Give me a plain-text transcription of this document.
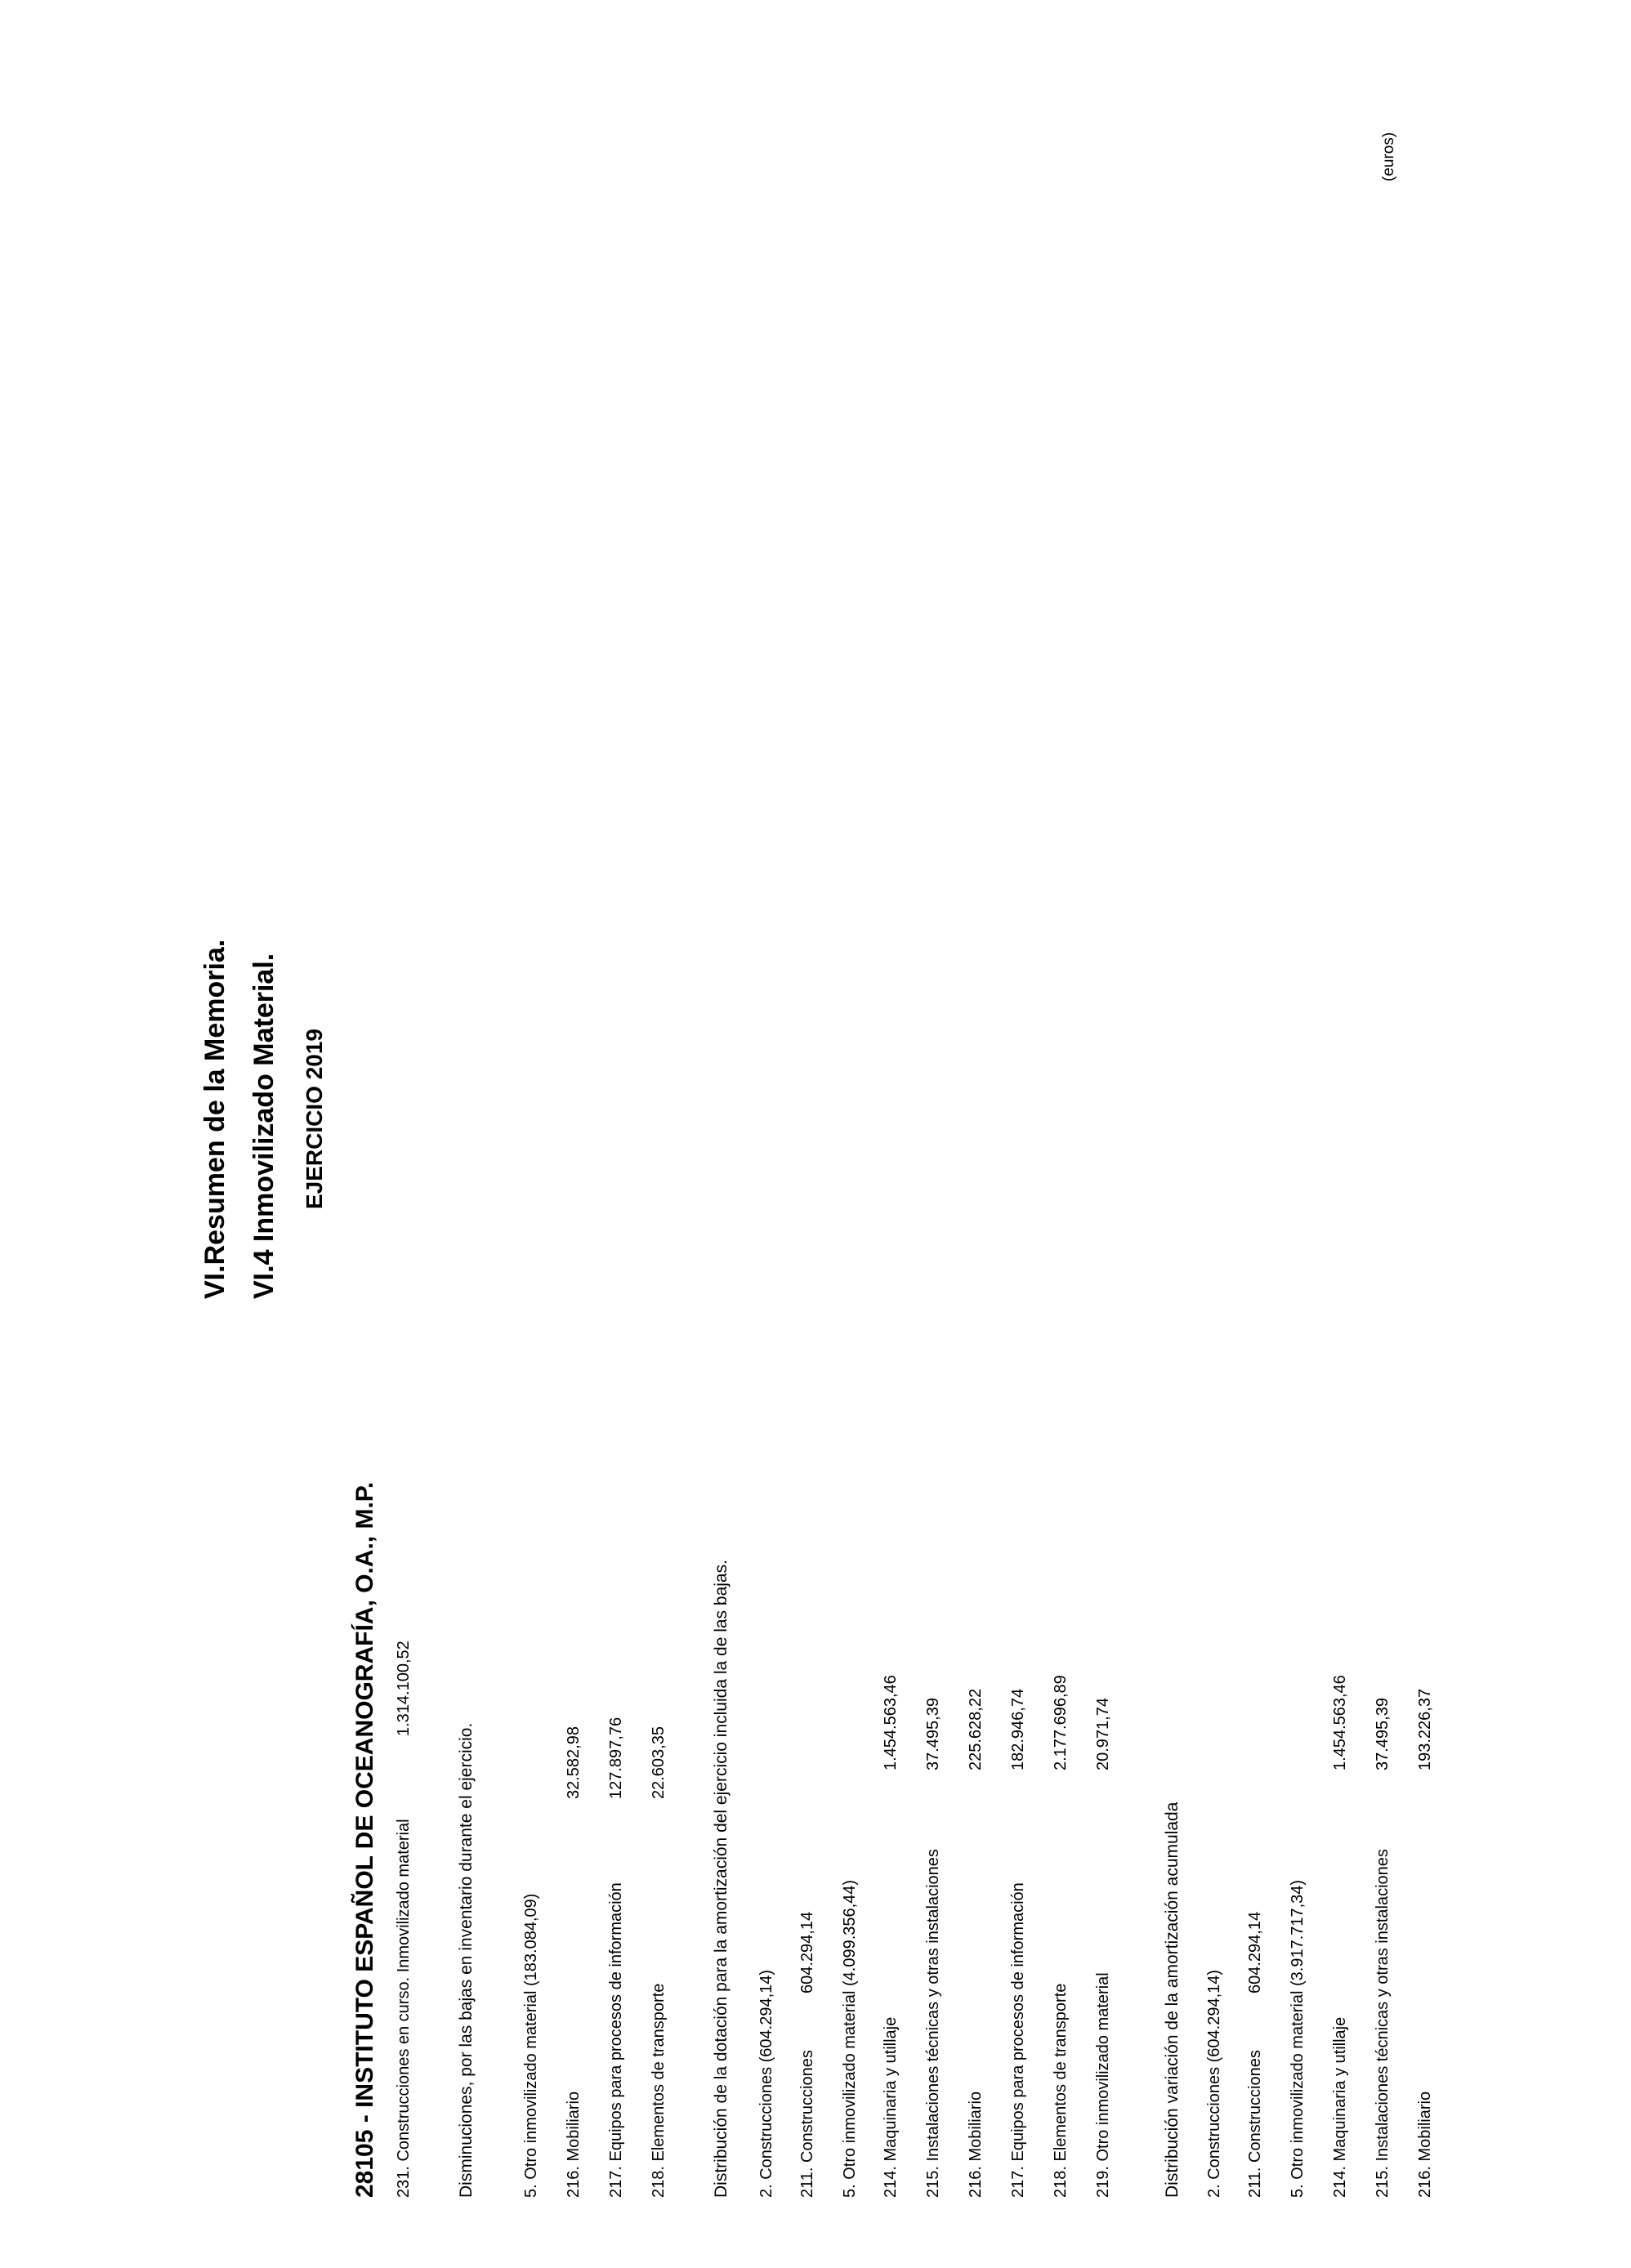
(euros)
VI.Resumen de la Memoria. VI.4 Inmovilizado Material. EJERCICIO 2019
28105 - INSTITUTO ESPAÑOL DE OCEANOGRAFÍA, O.A., M.P. 231. Construcciones en curso. Inmovilizado material
1.314.100,52
Disminuciones, por las bajas en inventario durante el ejercicio.	5. Otro inmovilizado material (183.084,09) 216. Mobiliario
32.582,98
217. Equipos para procesos de información
127.897,76
218. Elementos de transporte
22.603,35	Distribución de la dotación para la amortización del ejercicio incluida la de las bajas. 2. Construcciones (604.294,14) 211. Construcciones
604.294,14 5. Otro inmovilizado material (4.099.356,44) 214. Maquinaria y utillaje
1.454.563,46
215. Instalaciones técnicas y otras instalaciones
37.495,39
216. Mobiliario
225.628,22
217. Equipos para procesos de información
182.946,74
218. Elementos de transporte
2.177.696,89
219. Otro inmovilizado material
20.971,74
Distribución variación de la amortización acumulada 2. Construcciones (604.294,14) 211. Construcciones
604.294,14 5. Otro inmovilizado material (3.917.717,34) 214. Maquinaria y utillaje
1.454.563,46
215. Instalaciones técnicas y otras instalaciones
37.495,39
216. Mobiliario
193.226,37
